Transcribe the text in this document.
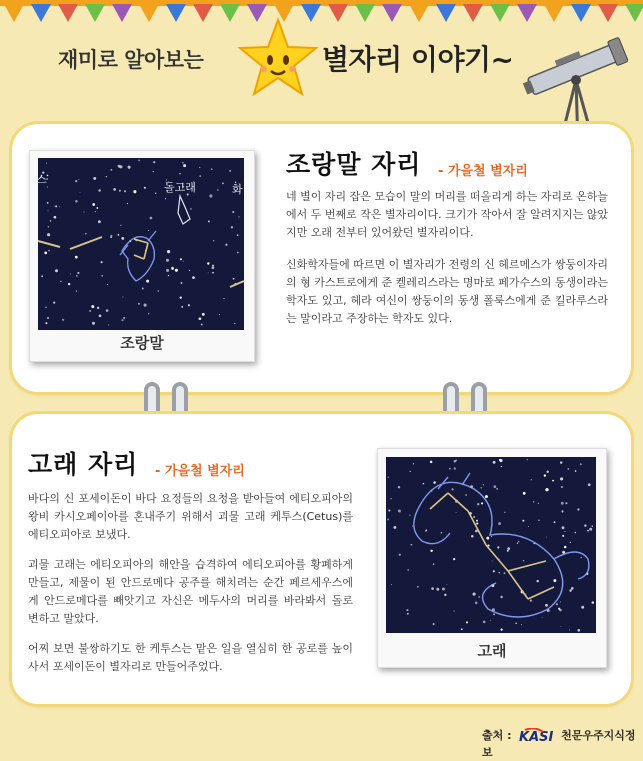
재미로 알아보는	별자리 이야기~
스
돌고래	화
조랑말
조랑말 자리 - 가을철 별자리

네 별이 자리 잡은 모습이 말의 머리를 떠올리게 하는 자리로 온하늘에서 두 번째로 작은 별자리이다. 크기가 작아서 잘 알려지지는 않았지만 오래 전부터 있어왔던 별자리이다.

신화학자들에 따르면 이 별자리가 전령의 신 헤르메스가 쌍둥이자리의 형 카스트로에게 준 켈레리스라는 명마로 페가수스의 동생이라는 학자도 있고, 헤라 여신이 쌍둥이의 동생 폴룩스에게 준 킬라루스라는 말이라고 주장하는 학자도 있다.

고래 자리 - 가을철 별자리

바다의 신 포세이돈이 바다 요정들의 요청을 받아들여 에티오피아의 왕비 카시오페이아를 혼내주기 위해서 괴물 고래 케투스(Cetus)를 에티오피아로 보냈다.

괴물 고래는 에티오피아의 해안을 습격하여 에티오피아를 황폐하게 만들고, 제물이 된 안드로메다 공주를 해치려는 순간 페르세우스에게 안드로메다를 빼앗기고 자신은 메두사의 머리를 바라봐서 돌로 변하고 말았다.

어찌 보면 불쌍하기도 한 케투스는 맡은 일을 열심히 한 공로를 높이 사서 포세이돈이 별자리로 만들어주었다.

고래
출처 : KASI 천문우주지식정보
